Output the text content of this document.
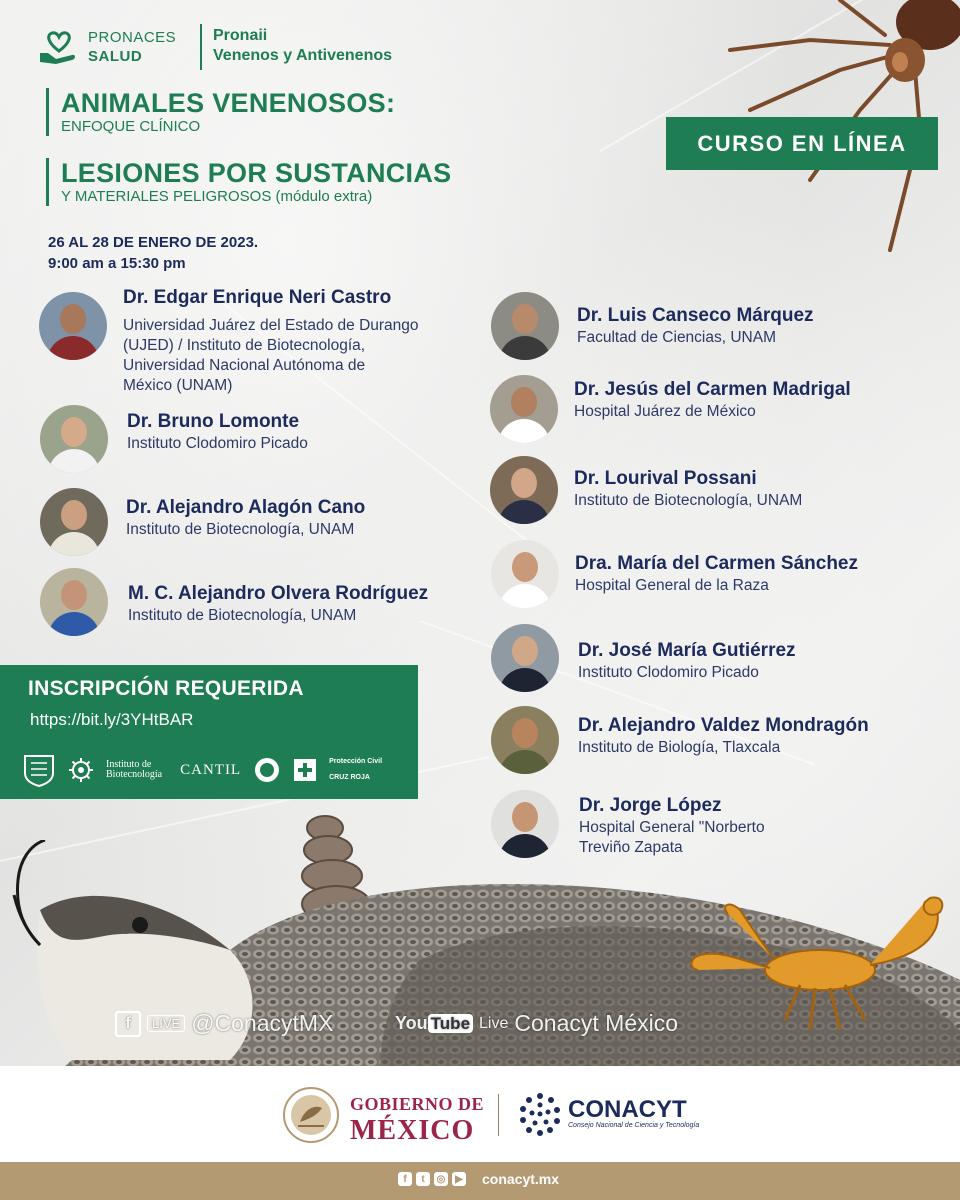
PRONACES
SALUD
Pronaii
Venenos y Antivenenos
ANIMALES VENENOSOS:
ENFOQUE CLÍNICO
LESIONES POR SUSTANCIAS
Y MATERIALES PELIGROSOS (módulo extra)
26 AL 28 DE ENERO DE 2023.
9:00 am a 15:30 pm
CURSO EN LÍNEA
Dr. Edgar Enrique Neri Castro
Universidad Juárez del Estado de Durango
(UJED) / Instituto de Biotecnología,
Universidad Nacional Autónoma de
México (UNAM)
Dr. Bruno Lomonte
Instituto Clodomiro Picado
Dr. Alejandro Alagón Cano
Instituto de Biotecnología, UNAM
M. C. Alejandro Olvera Rodríguez
Instituto de Biotecnología, UNAM
Dr. Luis Canseco Márquez
Facultad de Ciencias, UNAM
Dr. Jesús del Carmen Madrigal
Hospital Juárez de México
Dr. Lourival Possani
Instituto de Biotecnología, UNAM
Dra. María del Carmen Sánchez
Hospital General de la Raza
Dr. José María Gutiérrez
Instituto Clodomiro Picado
Dr. Alejandro Valdez Mondragón
Instituto de Biología, Tlaxcala
Dr. Jorge López
Hospital General "Norberto
Treviño Zapata
INSCRIPCIÓN REQUERIDA
https://bit.ly/3YHtBAR
Instituto de
Biotecnología CANTIL	Protección Civil
CRUZ ROJA
f	LIVE @ConacytMX	You Tube Live Conacyt México
GOBIERNO DE
MÉXICO
CONACYT
Consejo Nacional de Ciencia y Tecnología
f	t	◎ ▶ conacyt.mx
